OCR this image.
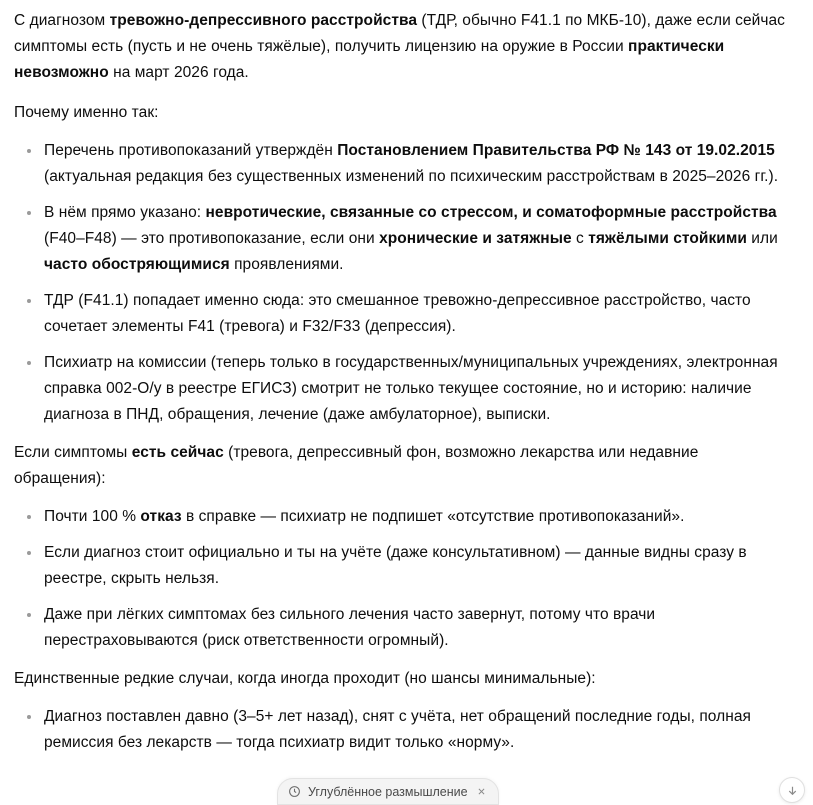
С диагнозом тревожно-депрессивного расстройства (ТДР, обычно F41.1 по МКБ-10), даже если сейчас симптомы есть (пусть и не очень тяжёлые), получить лицензию на оружие в России практически невозможно на март 2026 года.

Почему именно так:

Перечень противопоказаний утверждён Постановлением Правительства РФ № 143 от 19.02.2015 (актуальная редакция без существенных изменений по психическим расстройствам в 2025–2026 гг.).
В нём прямо указано: невротические, связанные со стрессом, и соматоформные расстройства (F40–F48) — это противопоказание, если они хронические и затяжные с тяжёлыми стойкими или часто обостряющимися проявлениями.
ТДР (F41.1) попадает именно сюда: это смешанное тревожно-депрессивное расстройство, часто сочетает элементы F41 (тревога) и F32/F33 (депрессия).
Психиатр на комиссии (теперь только в государственных/муниципальных учреждениях, электронная справка 002-О/у в реестре ЕГИСЗ) смотрит не только текущее состояние, но и историю: наличие диагноза в ПНД, обращения, лечение (даже амбулаторное), выписки.

Если симптомы есть сейчас (тревога, депрессивный фон, возможно лекарства или недавние обращения):

Почти 100 % отказ в справке — психиатр не подпишет «отсутствие противопоказаний».
Если диагноз стоит официально и ты на учёте (даже консультативном) — данные видны сразу в реестре, скрыть нельзя.
Даже при лёгких симптомах без сильного лечения часто завернут, потому что врачи перестраховываются (риск ответственности огромный).

Единственные редкие случаи, когда иногда проходит (но шансы минимальные):

Диагноз поставлен давно (3–5+ лет назад), снят с учёта, нет обращений последние годы, полная ремиссия без лекарств — тогда психиатр видит только «норму».
Углублённое размышление
